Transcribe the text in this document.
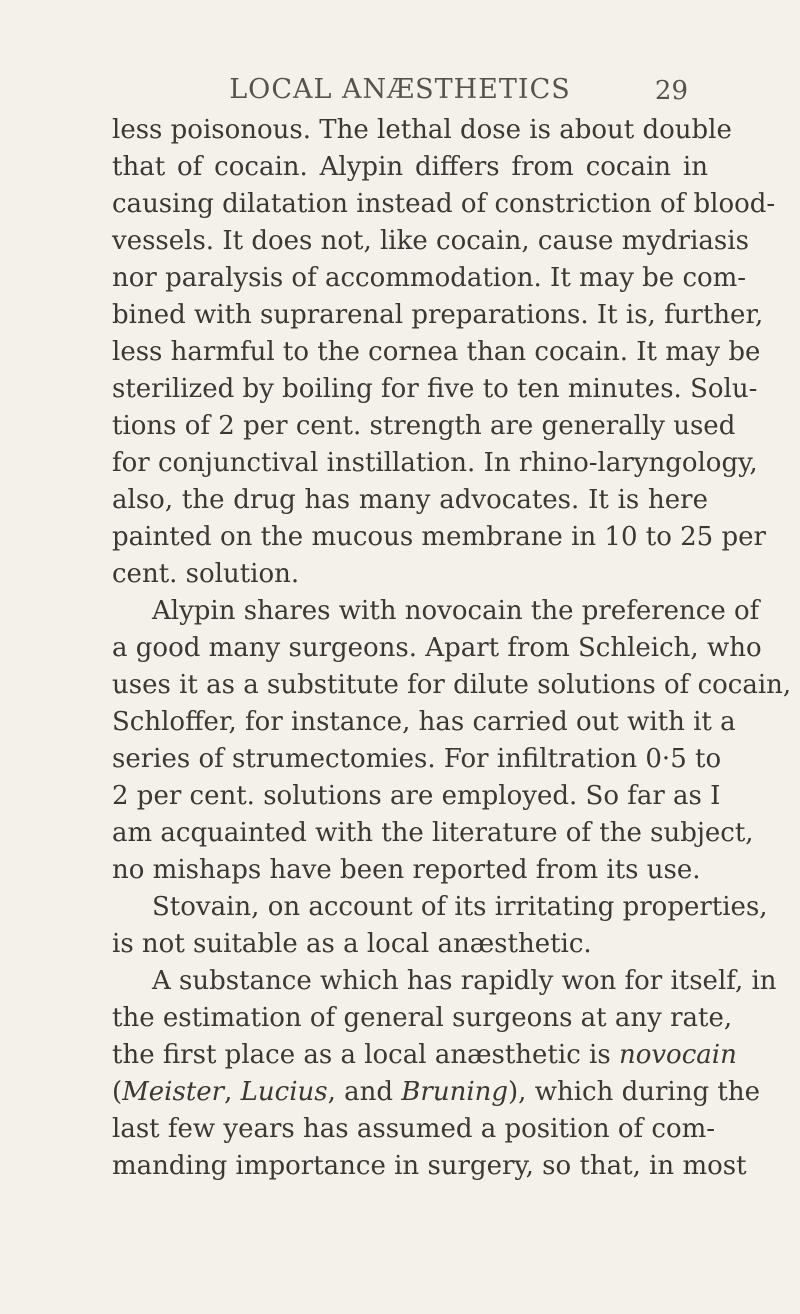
LOCAL ANÆSTHETICS	29
less poisonous. The lethal dose is about double
that of cocain. Alypin differs from cocain in
causing dilatation instead of constriction of blood-
vessels. It does not, like cocain, cause mydriasis
nor paralysis of accommodation. It may be com-
bined with suprarenal preparations. It is, further,
less harmful to the cornea than cocain. It may be
sterilized by boiling for five to ten minutes. Solu-
tions of 2 per cent. strength are generally used
for conjunctival instillation. In rhino-laryngology,
also, the drug has many advocates. It is here
painted on the mucous membrane in 10 to 25 per
cent. solution.
Alypin shares with novocain the preference of
a good many surgeons. Apart from Schleich, who
uses it as a substitute for dilute solutions of cocain,
Schloffer, for instance, has carried out with it a
series of strumectomies. For infiltration 0·5 to
2 per cent. solutions are employed. So far as I
am acquainted with the literature of the subject,
no mishaps have been reported from its use.
Stovain, on account of its irritating properties,
is not suitable as a local anæsthetic.
A substance which has rapidly won for itself, in
the estimation of general surgeons at any rate,
the first place as a local anæsthetic is novocain
(Meister, Lucius, and Bruning), which during the
last few years has assumed a position of com-
manding importance in surgery, so that, in most
